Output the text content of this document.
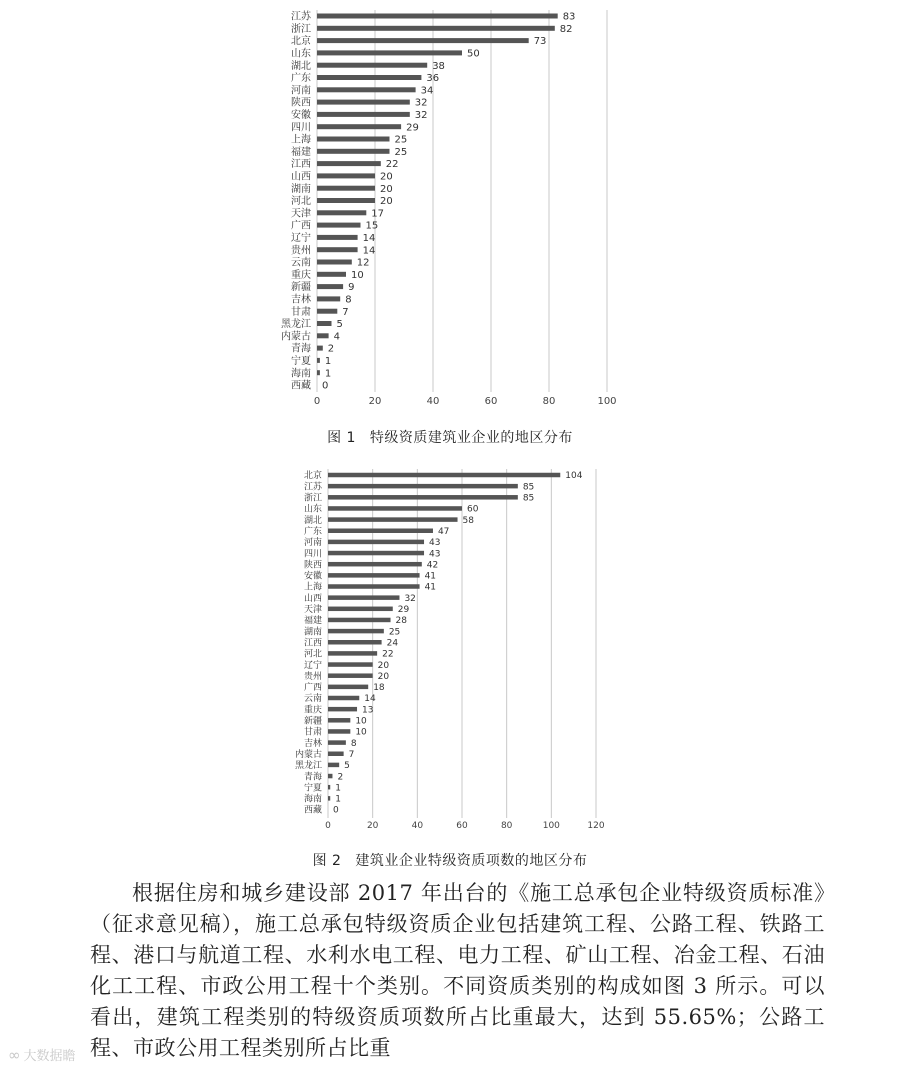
0	20	40	60	80	100
江苏	83
浙江	82
北京	73
山东	50
湖北	38
广东	36
河南	34
陕西	32
安徽	32
四川	29
上海	25
福建	25
江西	22
山西	20
湖南	20
河北	20
天津	17
广西	15
辽宁	14
贵州	14
云南	12
重庆	10
新疆	9
吉林	8
甘肃	7
黑龙江	5
内蒙古 4
青海 2
宁夏 1
海南 1
西藏 0
图 1 特级资质建筑业企业的地区分布
0	20	40	60	80	100	120
北京	104
江苏	85
浙江	85
山东	60
湖北	58
广东	47
河南	43
四川	43
陕西	42
安徽	41
上海	41
山西	32
天津	29
福建	28
湖南	25
江西	24
河北	22
辽宁	20
贵州	20
广西	18
云南	14
重庆	13
新疆	10
甘肃	10
吉林	8
内蒙古	7
黑龙江 5
青海 2
宁夏 1
海南 1
西藏 0
图 2 建筑业企业特级资质项数的地区分布

根据住房和城乡建设部 2017 年出台的《施工总承包企业特级资质标准》（征求意见稿），施工总承包特级资质企业包括建筑工程、公路工程、铁路工程、港口与航道工程、水利水电工程、电力工程、矿山工程、冶金工程、石油化工工程、市政公用工程十个类别。不同资质类别的构成如图 3 所示。可以看出，建筑工程类别的特级资质项数所占比重最大，达到 55.65%；公路工程、市政公用工程类别所占比重

∞ 大数据瞻
